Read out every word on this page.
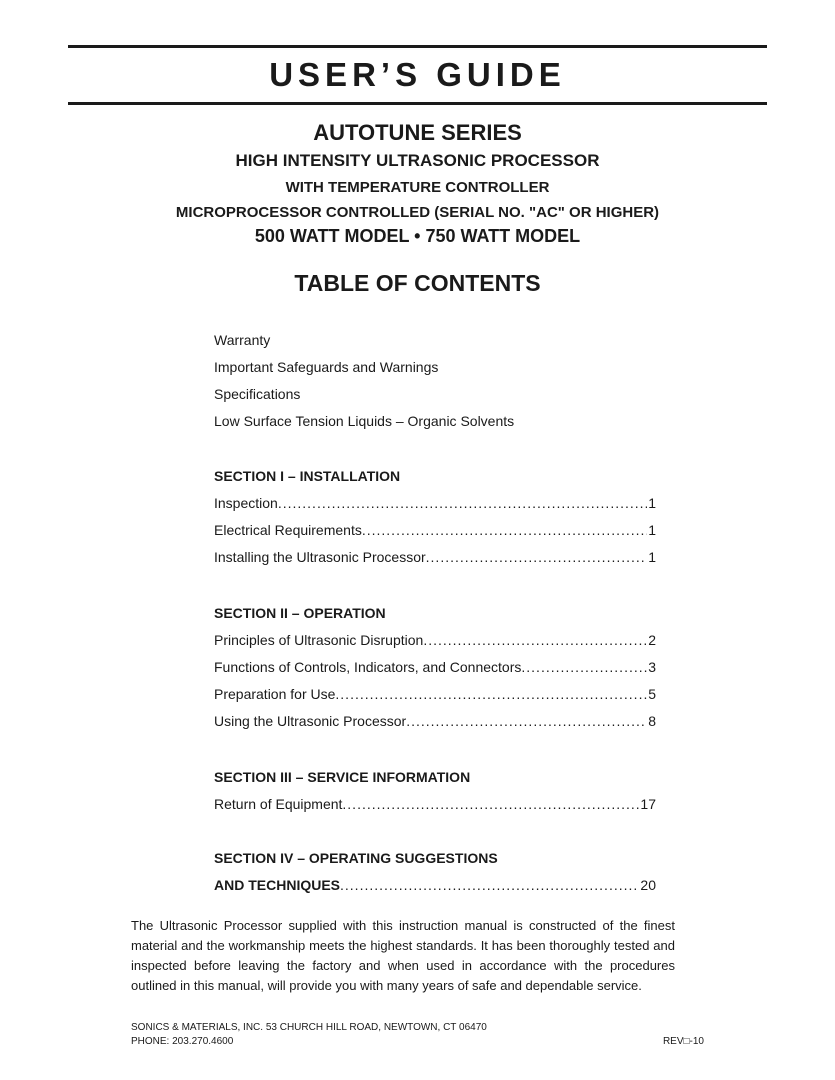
USER’S GUIDE
AUTOTUNE SERIES
HIGH INTENSITY ULTRASONIC PROCESSOR
WITH TEMPERATURE CONTROLLER
MICROPROCESSOR CONTROLLED (SERIAL NO. "AC" OR HIGHER)
500 WATT MODEL • 750 WATT MODEL
TABLE OF CONTENTS
Warranty
Important Safeguards and Warnings
Specifications
Low Surface Tension Liquids – Organic Solvents
SECTION I – INSTALLATION
Inspection .....	1
Electrical Requirements .....	1
Installing the Ultrasonic Processor .....	1
SECTION II – OPERATION
Principles of Ultrasonic Disruption .....	2
Functions of Controls, Indicators, and Connectors .....	3
Preparation for Use .....	5
Using the Ultrasonic Processor .....	8
SECTION III – SERVICE INFORMATION
Return of Equipment .....	17
SECTION IV – OPERATING SUGGESTIONS
AND TECHNIQUES .....	20

The Ultrasonic Processor supplied with this instruction manual is constructed of the finest material and the workmanship meets the highest standards. It has been thoroughly tested and inspected before leaving the factory and when used in accordance with the procedures outlined in this manual, will provide you with many years of safe and dependable service.

SONICS & MATERIALS, INC. 53 CHURCH HILL ROAD, NEWTOWN, CT 06470
PHONE: 203.270.4600	REV□-10
